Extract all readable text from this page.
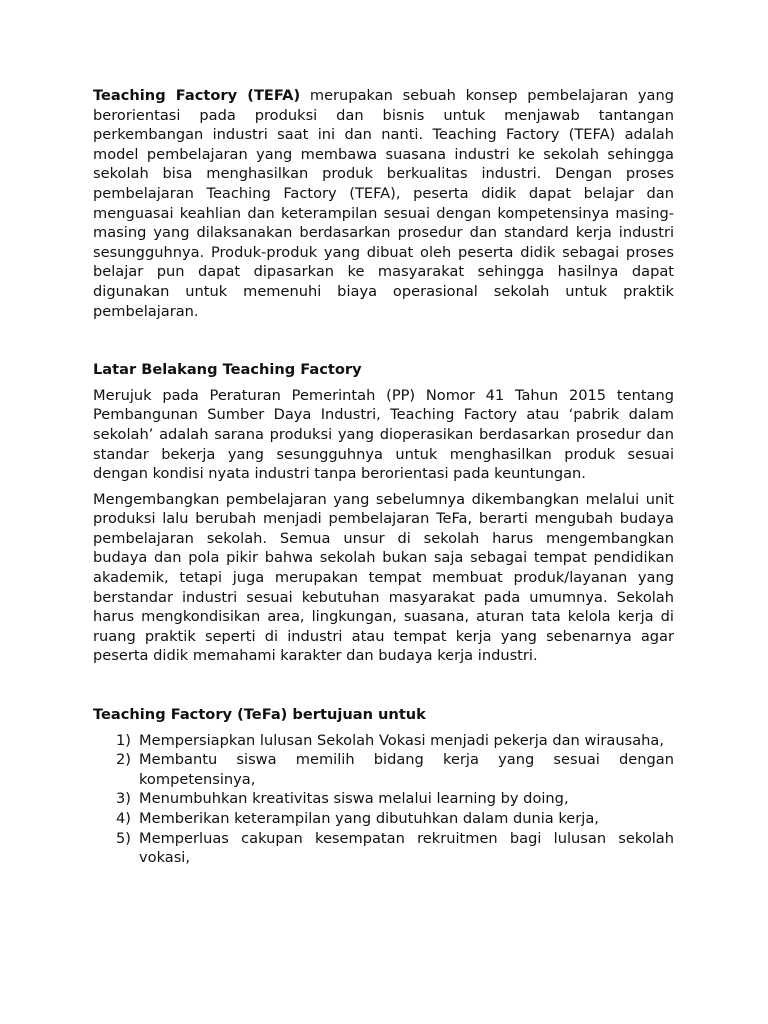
Teaching Factory (TEFA) merupakan sebuah konsep pembelajaran yang berorientasi pada produksi dan bisnis untuk menjawab tantangan perkembangan industri saat ini dan nanti. Teaching Factory (TEFA) adalah model pembelajaran yang membawa suasana industri ke sekolah sehingga sekolah bisa menghasilkan produk berkualitas industri. Dengan proses pembelajaran Teaching Factory (TEFA), peserta didik dapat belajar dan menguasai keahlian dan keterampilan sesuai dengan kompetensinya masing-masing yang dilaksanakan berdasarkan prosedur dan standard kerja industri sesungguhnya. Produk-produk yang dibuat oleh peserta didik sebagai proses belajar pun dapat dipasarkan ke masyarakat sehingga hasilnya dapat digunakan untuk memenuhi biaya operasional sekolah untuk praktik pembelajaran.

Latar Belakang Teaching Factory

Merujuk pada Peraturan Pemerintah (PP) Nomor 41 Tahun 2015 tentang Pembangunan Sumber Daya Industri, Teaching Factory atau ‘pabrik dalam sekolah’ adalah sarana produksi yang dioperasikan berdasarkan prosedur dan standar bekerja yang sesungguhnya untuk menghasilkan produk sesuai dengan kondisi nyata industri tanpa berorientasi pada keuntungan.

Mengembangkan pembelajaran yang sebelumnya dikembangkan melalui unit produksi lalu berubah menjadi pembelajaran TeFa, berarti mengubah budaya pembelajaran sekolah. Semua unsur di sekolah harus mengembangkan budaya dan pola pikir bahwa sekolah bukan saja sebagai tempat pendidikan akademik, tetapi juga merupakan tempat membuat produk/layanan yang berstandar industri sesuai kebutuhan masyarakat pada umumnya. Sekolah harus mengkondisikan area, lingkungan, suasana, aturan tata kelola kerja di ruang praktik seperti di industri atau tempat kerja yang sebenarnya agar peserta didik memahami karakter dan budaya kerja industri.

Teaching Factory (TeFa) bertujuan untuk
1) Mempersiapkan lulusan Sekolah Vokasi menjadi pekerja dan wirausaha,
2) Membantu siswa memilih bidang kerja yang sesuai dengan kompetensinya,
3) Menumbuhkan kreativitas siswa melalui learning by doing,
4) Memberikan keterampilan yang dibutuhkan dalam dunia kerja,
5) Memperluas cakupan kesempatan rekruitmen bagi lulusan sekolah vokasi,
